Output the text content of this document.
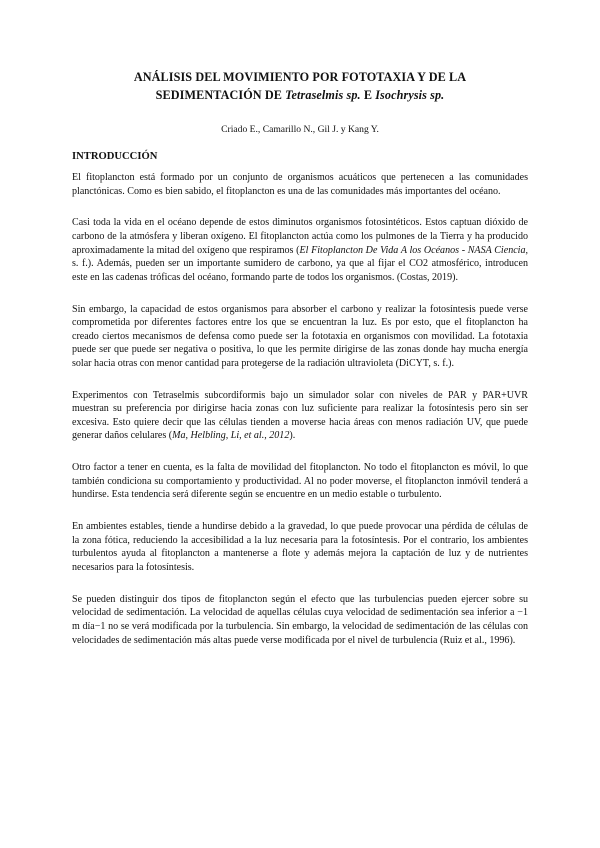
ANÁLISIS DEL MOVIMIENTO POR FOTOTAXIA Y DE LA
SEDIMENTACIÓN DE Tetraselmis sp. E Isochrysis sp.
Criado E., Camarillo N., Gil J. y Kang Y.
INTRODUCCIÓN

El fitoplancton está formado por un conjunto de organismos acuáticos que pertenecen a las comunidades planctónicas. Como es bien sabido, el fitoplancton es una de las comunidades más importantes del océano.

Casi toda la vida en el océano depende de estos diminutos organismos fotosintéticos. Estos captuan dióxido de carbono de la atmósfera y liberan oxígeno. El fitoplancton actúa como los pulmones de la Tierra y ha producido aproximadamente la mitad del oxígeno que respiramos (El Fitoplancton De Vida A los Océanos - NASA Ciencia, s. f.). Además, pueden ser un importante sumidero de carbono, ya que al fijar el CO2 atmosférico, introducen este en las cadenas tróficas del océano, formando parte de todos los organismos. (Costas, 2019).

Sin embargo, la capacidad de estos organismos para absorber el carbono y realizar la fotosíntesis puede verse comprometida por diferentes factores entre los que se encuentran la luz. Es por esto, que el fitoplancton ha creado ciertos mecanismos de defensa como puede ser la fototaxia en organismos con movilidad. La fototaxia puede ser que puede ser negativa o positiva, lo que les permite dirigirse de las zonas donde hay mucha energía solar hacia otras con menor cantidad para protegerse de la radiación ultravioleta (DiCYT, s. f.).

Experimentos con Tetraselmis subcordiformis bajo un simulador solar con niveles de PAR y PAR+UVR muestran su preferencia por dirigirse hacia zonas con luz suficiente para realizar la fotosíntesis pero sin ser excesiva. Esto quiere decir que las células tienden a moverse hacia áreas con menos radiación UV, que puede generar daños celulares (Ma, Helbling, Li, et al., 2012).

Otro factor a tener en cuenta, es la falta de movilidad del fitoplancton. No todo el fitoplancton es móvil, lo que también condiciona su comportamiento y productividad. Al no poder moverse, el fitoplancton inmóvil tenderá a hundirse. Esta tendencia será diferente según se encuentre en un medio estable o turbulento.

En ambientes estables, tiende a hundirse debido a la gravedad, lo que puede provocar una pérdida de células de la zona fótica, reduciendo la accesibilidad a la luz necesaria para la fotosíntesis. Por el contrario, los ambientes turbulentos ayuda al fitoplancton a mantenerse a flote y además mejora la captación de luz y de nutrientes necesarios para la fotosíntesis.

Se pueden distinguir dos tipos de fitoplancton según el efecto que las turbulencias pueden ejercer sobre su velocidad de sedimentación. La velocidad de aquellas células cuya velocidad de sedimentación sea inferior a −1 m día−1 no se verá modificada por la turbulencia. Sin embargo, la velocidad de sedimentación de las células con velocidades de sedimentación más altas puede verse modificada por el nivel de turbulencia (Ruiz et al., 1996).
